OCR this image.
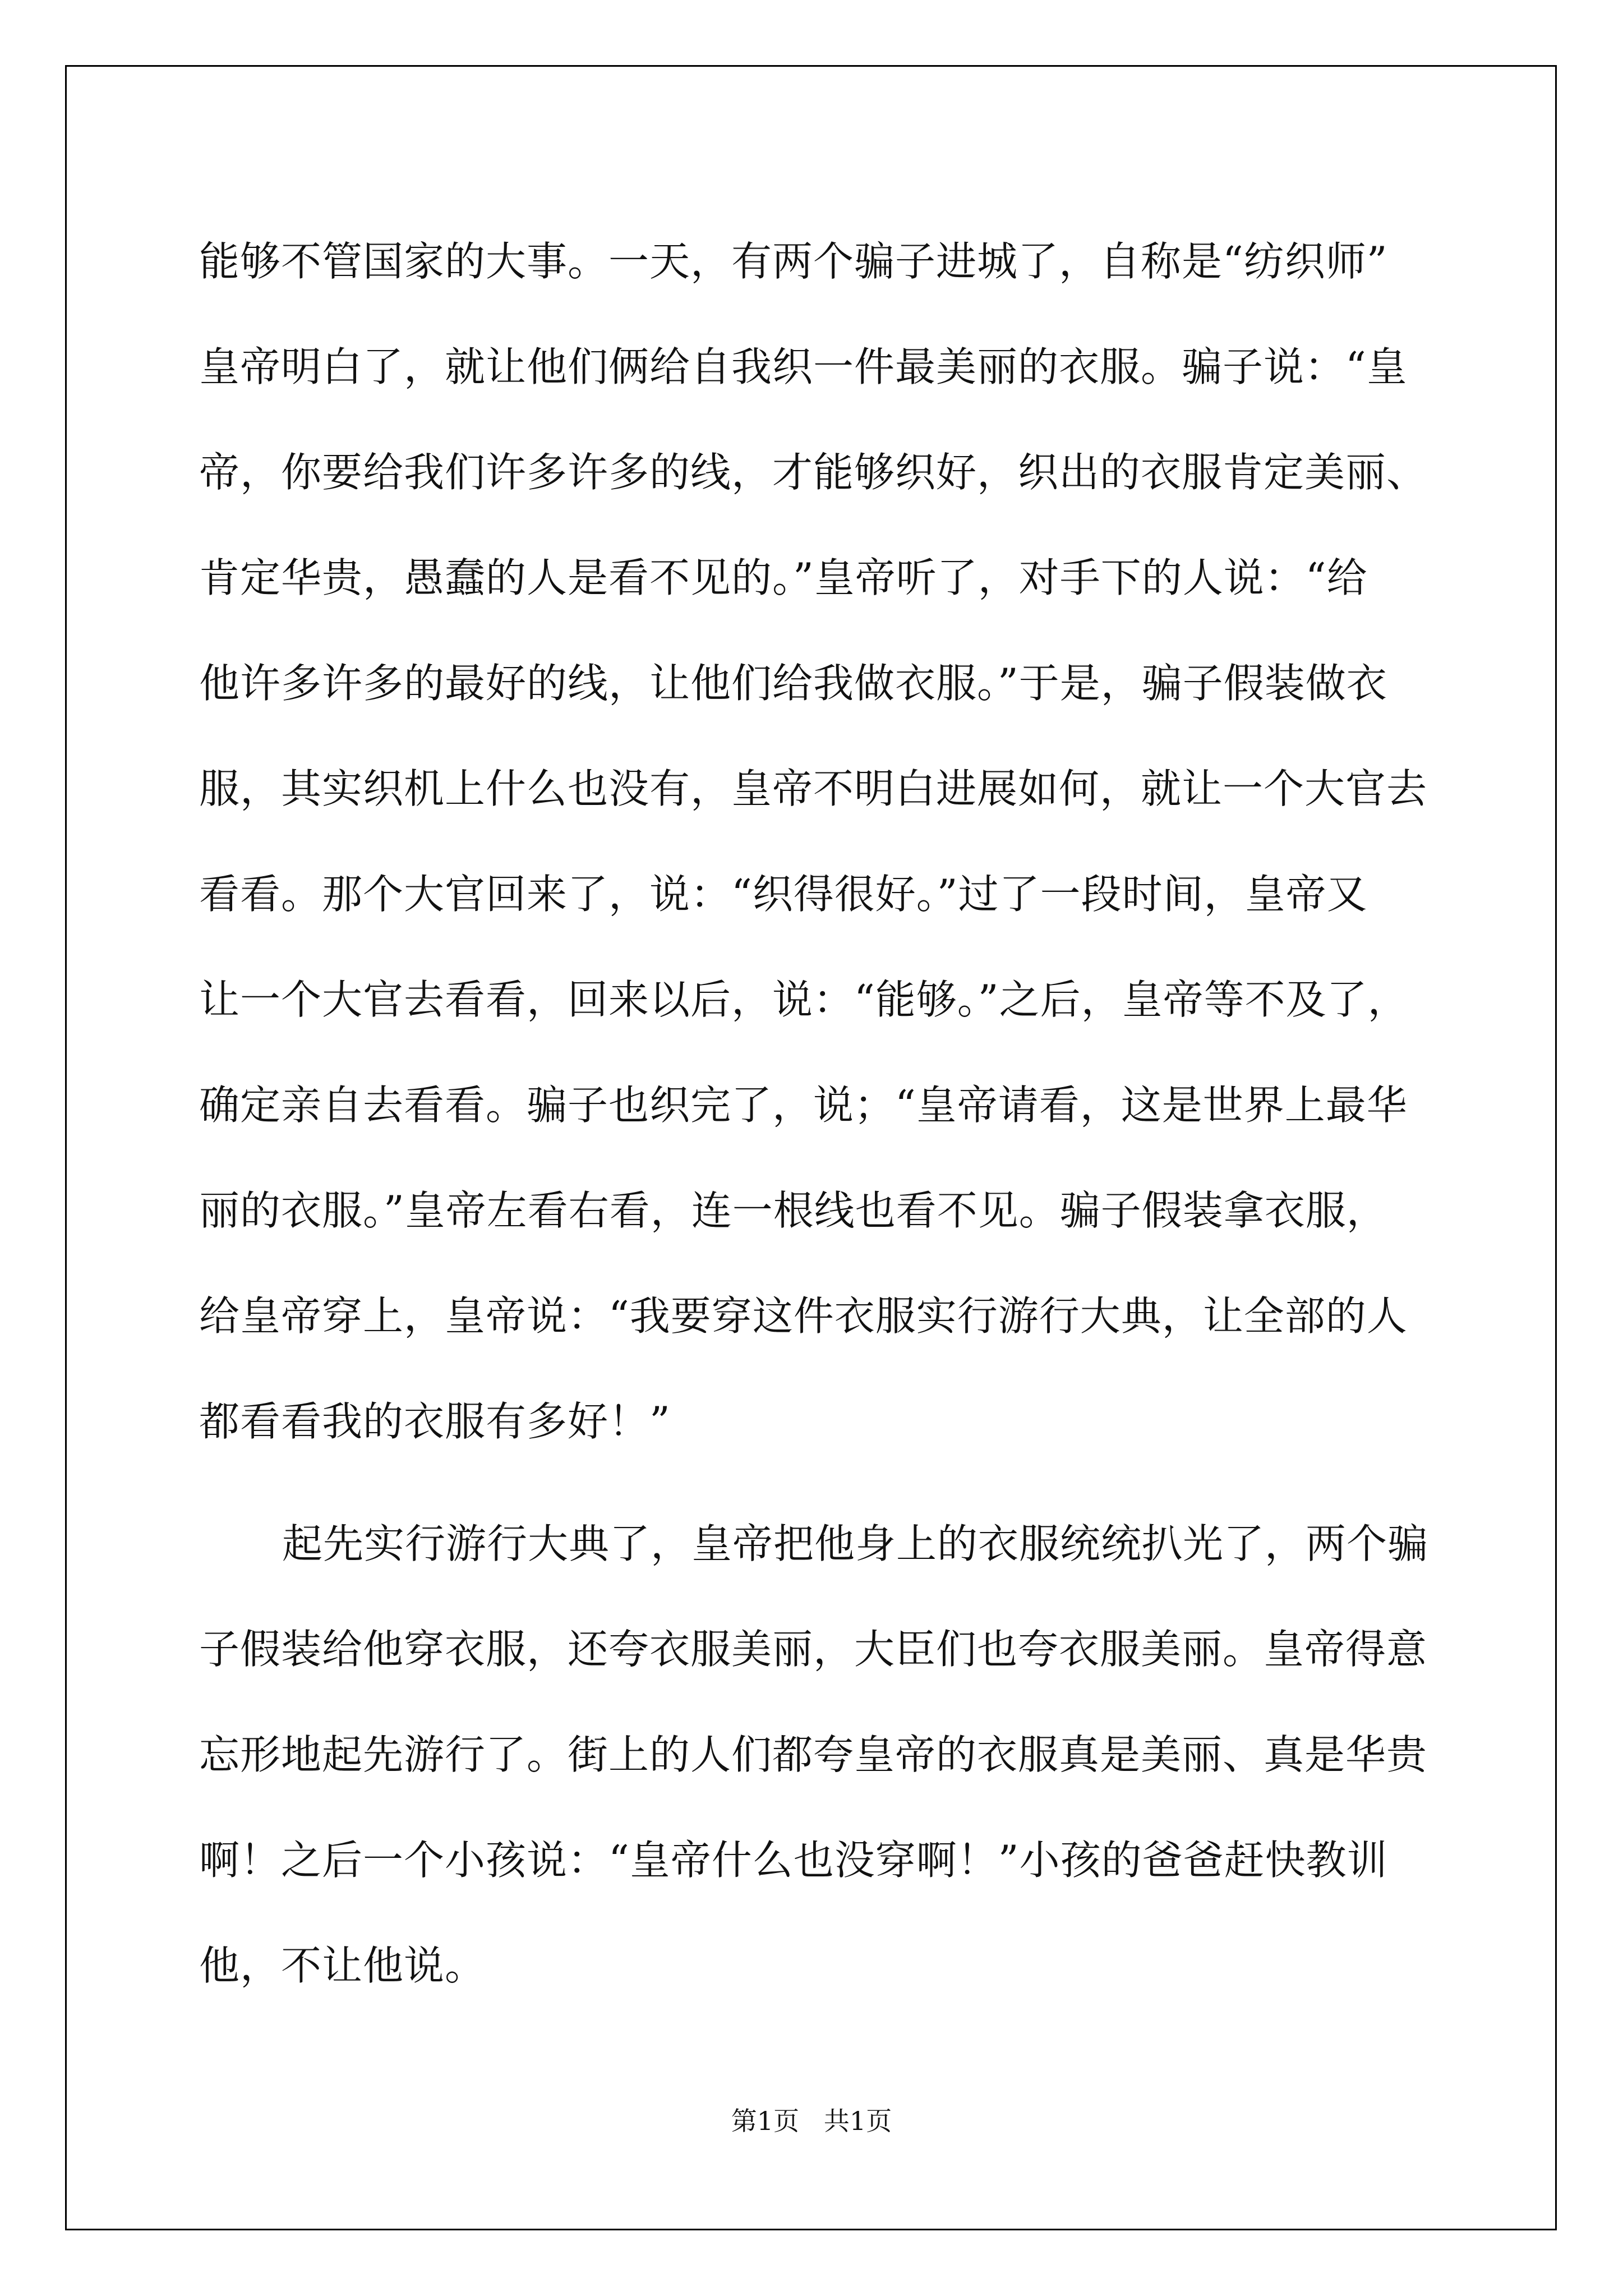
能够不管国家的大事。一天，有两个骗子进城了，自称是“纺织师”
皇帝明白了，就让他们俩给自我织一件最美丽的衣服。骗子说：“皇
帝，你要给我们许多许多的线，才能够织好，织出的衣服肯定美丽、
肯定华贵，愚蠢的人是看不见的。”皇帝听了，对手下的人说：“给
他许多许多的最好的线，让他们给我做衣服。”于是，骗子假装做衣
服，其实织机上什么也没有，皇帝不明白进展如何，就让一个大官去
看看。那个大官回来了，说：“织得很好。”过了一段时间，皇帝又
让一个大官去看看，回来以后，说：“能够。”之后，皇帝等不及了，
确定亲自去看看。骗子也织完了，说；“皇帝请看，这是世界上最华
丽的衣服。”皇帝左看右看，连一根线也看不见。骗子假装拿衣服，
给皇帝穿上，皇帝说：“我要穿这件衣服实行游行大典，让全部的人
都看看我的衣服有多好！”
起先实行游行大典了，皇帝把他身上的衣服统统扒光了，两个骗
子假装给他穿衣服，还夸衣服美丽，大臣们也夸衣服美丽。皇帝得意
忘形地起先游行了。街上的人们都夸皇帝的衣服真是美丽、真是华贵
啊！之后一个小孩说：“皇帝什么也没穿啊！”小孩的爸爸赶快教训
他，不让他说。
第1页   共1页
